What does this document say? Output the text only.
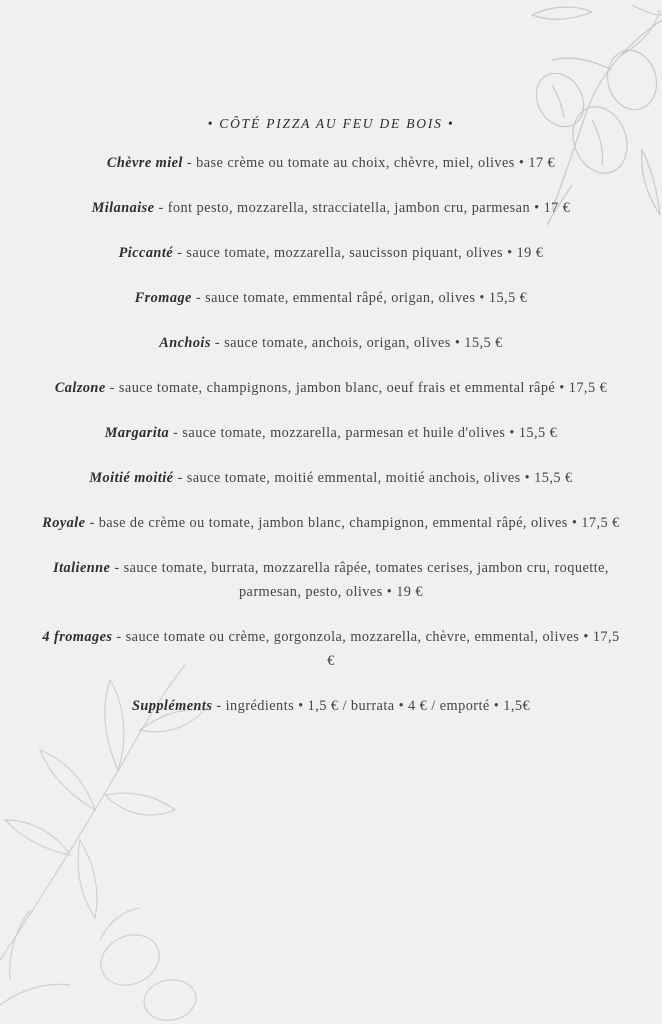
• CÔTÉ PIZZA AU FEU DE BOIS •
Chèvre miel - base crème ou tomate au choix, chèvre, miel, olives • 17 €
Milanaise - font pesto, mozzarella, stracciatella, jambon cru, parmesan • 17 €
Piccanté - sauce tomate, mozzarella, saucisson piquant, olives • 19 €
Fromage - sauce tomate, emmental râpé, origan, olives • 15,5 €
Anchois - sauce tomate, anchois, origan, olives • 15,5 €
Calzone - sauce tomate, champignons, jambon blanc, oeuf frais et emmental râpé • 17,5 €
Margarita - sauce tomate, mozzarella, parmesan et huile d'olives • 15,5 €
Moitié moitié - sauce tomate, moitié emmental, moitié anchois, olives • 15,5 €
Royale - base de crème ou tomate, jambon blanc, champignon, emmental râpé, olives • 17,5 €
Italienne - sauce tomate, burrata, mozzarella râpée, tomates cerises, jambon cru, roquette, parmesan, pesto, olives • 19 €
4 fromages - sauce tomate ou crème, gorgonzola, mozzarella, chèvre, emmental, olives • 17,5 €
Suppléments - ingrédients • 1,5 € / burrata • 4 € / emporté • 1,5€
